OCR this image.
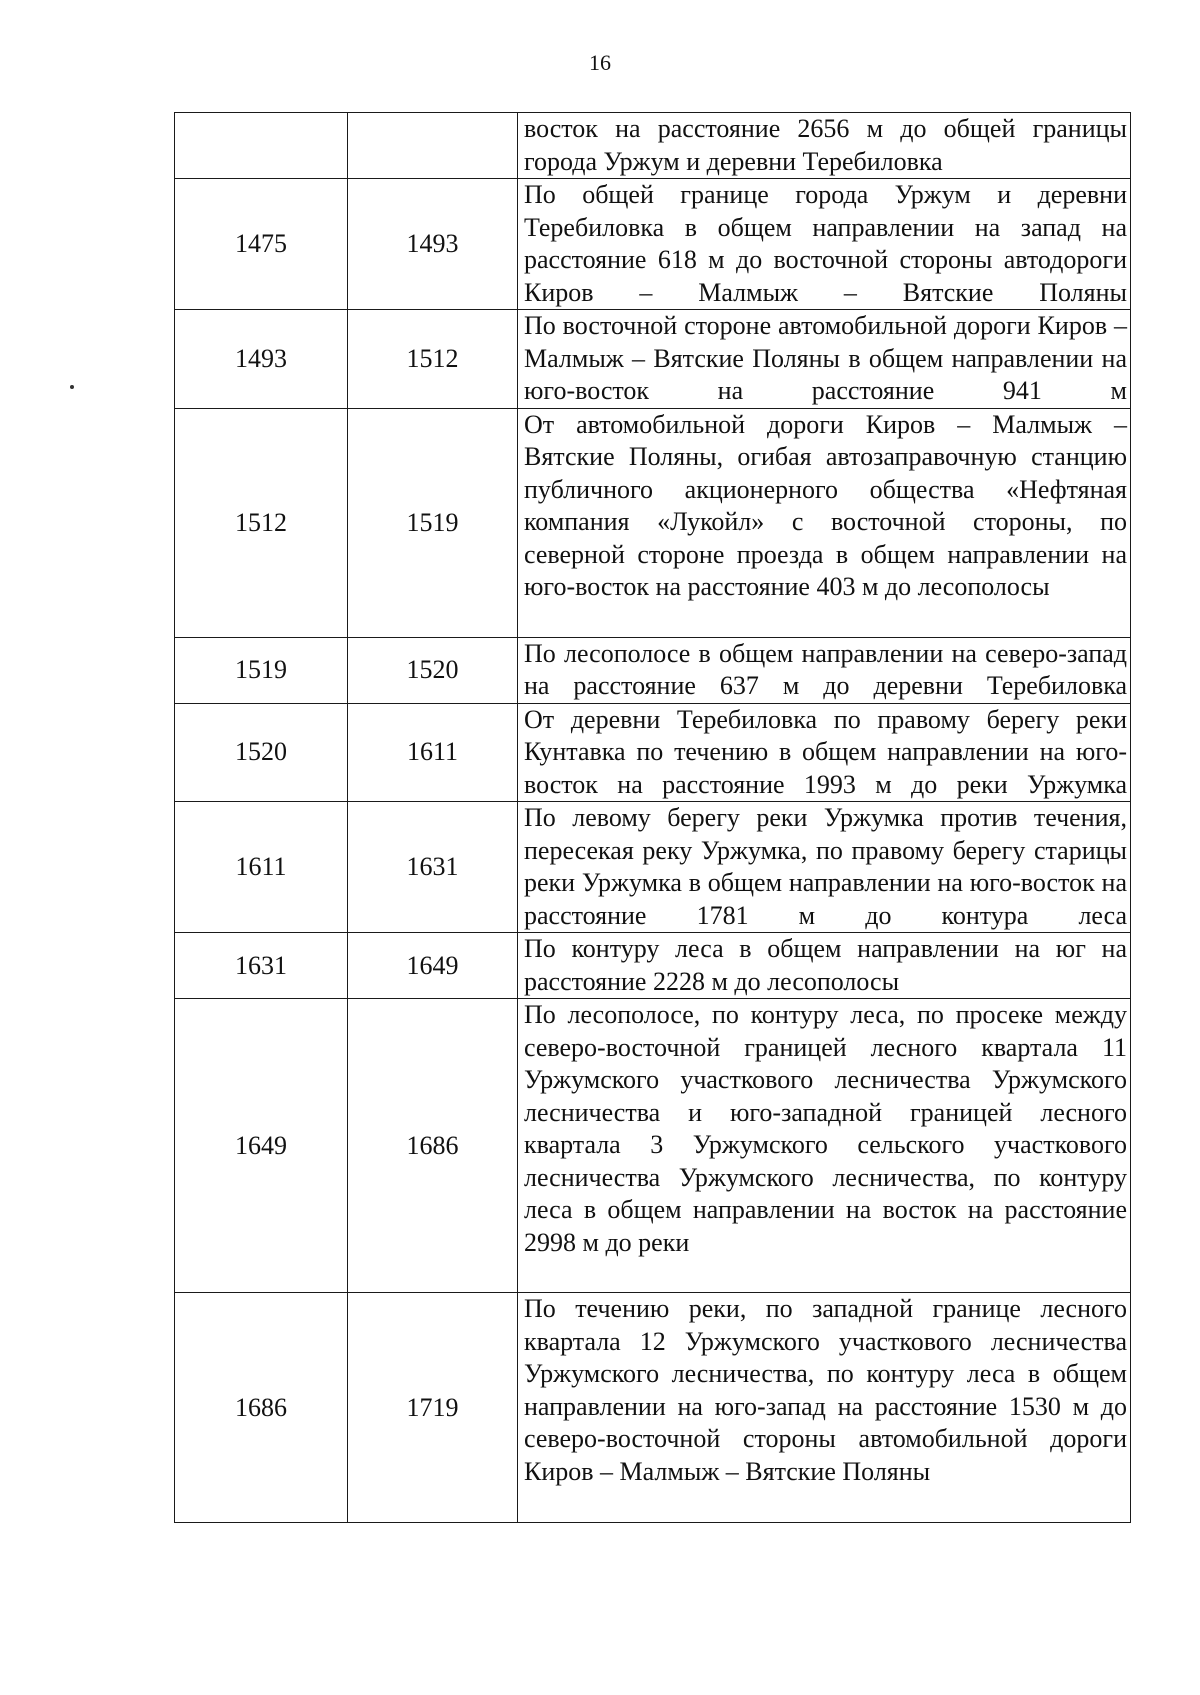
16
		восток на расстояние 2656 м до общей границы города Уржум и деревни Теребиловка
1475	1493	По общей границе города Уржум и деревни Теребиловка в общем направлении на запад на расстояние 618 м до восточной стороны автодороги Киров – Малмыж – Вятские Поляны
1493	1512	По восточной стороне автомобильной дороги Киров – Малмыж – Вятские Поляны в общем направлении на юго-восток на расстояние 941 м
1512	1519	От автомобильной дороги Киров – Малмыж – Вятские Поляны, огибая автозаправочную станцию публичного акционерного общества «Нефтяная компания «Лукойл» с восточной стороны, по северной стороне проезда в общем направлении на юго-восток на расстояние 403 м до лесополосы
1519	1520	По лесополосе в общем направлении на северо-запад на расстояние 637 м до деревни Теребиловка
1520	1611	От деревни Теребиловка по правому берегу реки Кунтавка по течению в общем направлении на юго-восток на расстояние 1993 м до реки Уржумка
1611	1631	По левому берегу реки Уржумка против течения, пересекая реку Уржумка, по правому берегу старицы реки Уржумка в общем направлении на юго-восток на расстояние 1781 м до контура леса
1631	1649	По контуру леса в общем направлении на юг на расстояние 2228 м до лесополосы
1649	1686	По лесополосе, по контуру леса, по просеке между северо-восточной границей лесного квартала 11 Уржумского участкового лесничества Уржумского лесничества и юго-западной границей лесного квартала 3 Уржумского сельского участкового лесничества Уржумского лесничества, по контуру леса в общем направлении на восток на расстояние 2998 м до реки
1686	1719	По течению реки, по западной границе лесного квартала 12 Уржумского участкового лесничества Уржумского лесничества, по контуру леса в общем направлении на юго-запад на расстояние 1530 м до северо-восточной стороны автомобильной дороги Киров – Малмыж – Вятские Поляны
